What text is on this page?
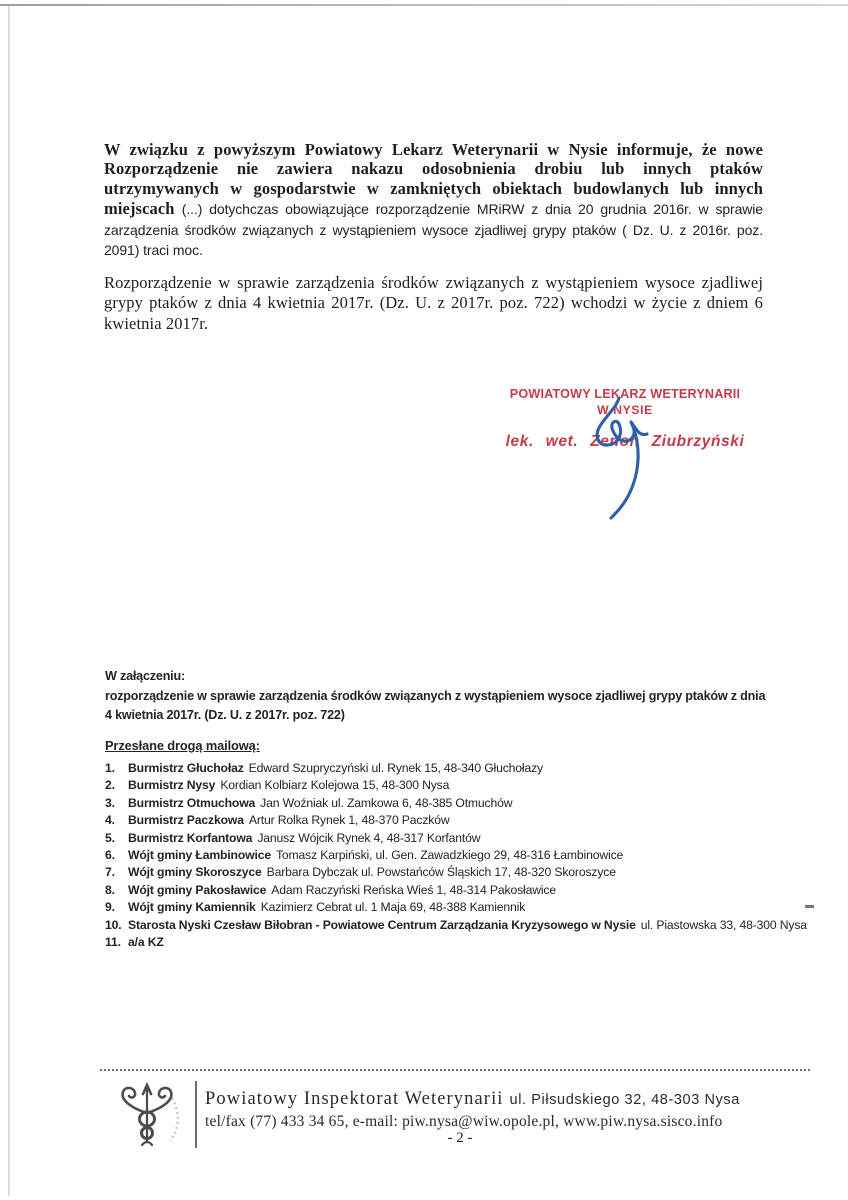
W związku z powyższym Powiatowy Lekarz Weterynarii w Nysie informuje, że nowe Rozporządzenie nie zawiera nakazu odosobnienia drobiu lub innych ptaków utrzymywanych w gospodarstwie w zamkniętych obiektach budowlanych lub innych miejscach (...) dotychczas obowiązujące rozporządzenie MRiRW z dnia 20 grudnia 2016r. w sprawie zarządzenia środków związanych z wystąpieniem wysoce zjadliwej grypy ptaków ( Dz. U. z 2016r. poz. 2091) traci moc.

Rozporządzenie w sprawie zarządzenia środków związanych z wystąpieniem wysoce zjadliwej grypy ptaków z dnia 4 kwietnia 2017r. (Dz. U. z 2017r. poz. 722) wchodzi w życie z dniem 6 kwietnia 2017r.

POWIATOWY LEKARZ WETERYNARII
W NYSIE
lek. wet. Zenon Ziubrzyński
W załączeniu:
rozporządzenie w sprawie zarządzenia środków związanych z wystąpieniem wysoce zjadliwej grypy ptaków z dnia 4 kwietnia 2017r. (Dz. U. z 2017r. poz. 722)
Przesłane drogą mailową:
1.	Burmistrz Głuchołaz Edward Szupryczyński ul. Rynek 15, 48-340 Głuchołazy
2.	Burmistrz Nysy Kordian Kolbiarz Kolejowa 15, 48-300 Nysa
3.	Burmistrz Otmuchowa Jan Woźniak ul. Zamkowa 6, 48-385 Otmuchów
4.	Burmistrz Paczkowa Artur Rolka Rynek 1, 48-370 Paczków
5.	Burmistrz Korfantowa Janusz Wójcik Rynek 4, 48-317 Korfantów
6.	Wójt gminy Łambinowice Tomasz Karpiński, ul. Gen. Zawadzkiego 29, 48-316 Łambinowice
7.	Wójt gminy Skoroszyce Barbara Dybczak ul. Powstańców Śląskich 17, 48-320 Skoroszyce
8.	Wójt gminy Pakosławice Adam Raczyński Reńska Wieś 1, 48-314 Pakosławice
9.	Wójt gminy Kamiennik Kazimierz Cebrat ul. 1 Maja 69, 48-388 Kamiennik
10. Starosta Nyski Czesław Biłobran - Powiatowe Centrum Zarządzania Kryzysowego w Nysie ul. Piastowska 33, 48-300 Nysa
11. a/a KZ
Powiatowy Inspektorat Weterynarii ul. Piłsudskiego 32, 48-303 Nysa
tel/fax (77) 433 34 65, e-mail: piw.nysa@wiw.opole.pl, www.piw.nysa.sisco.info
- 2 -
